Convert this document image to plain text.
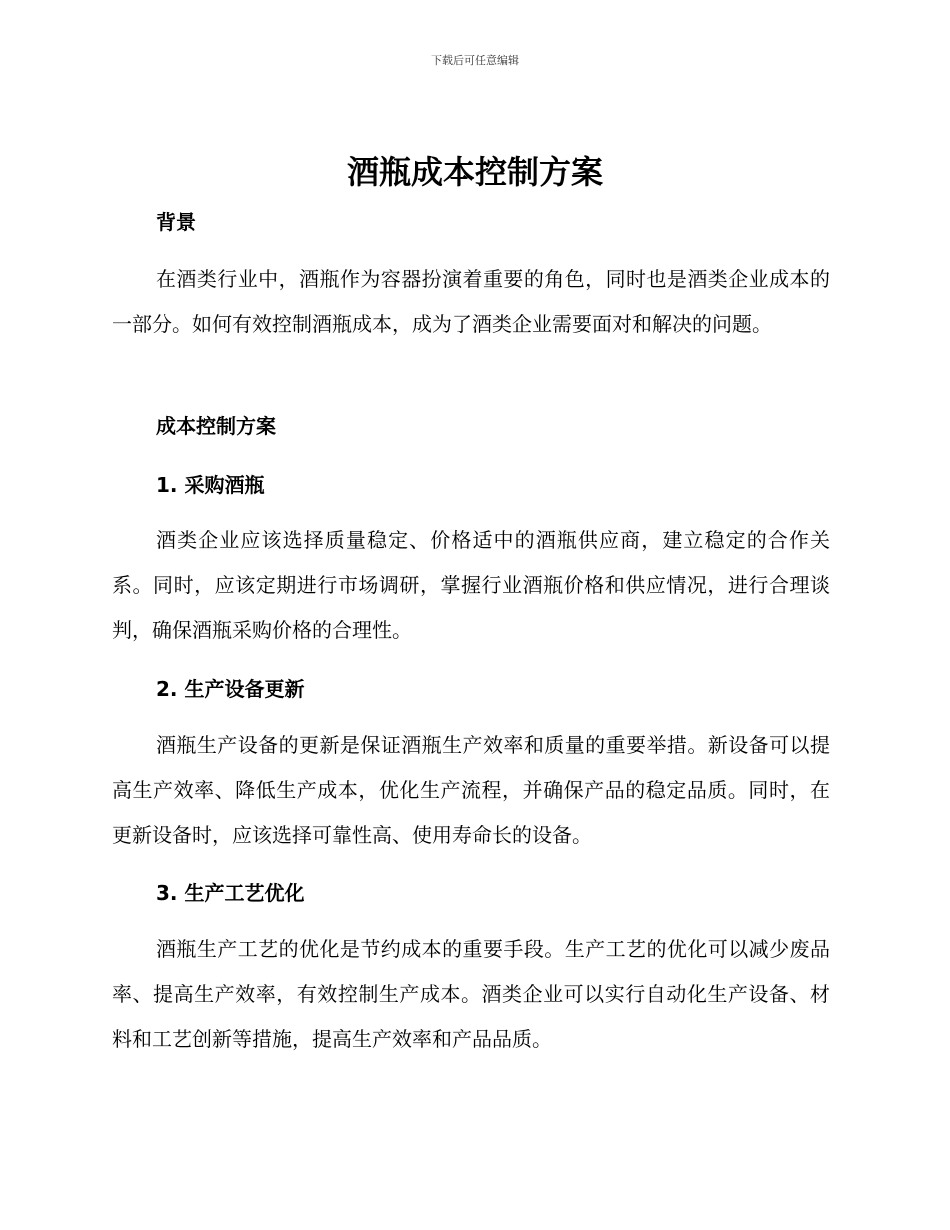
下载后可任意编辑
酒瓶成本控制方案
背景

在酒类行业中，酒瓶作为容器扮演着重要的角色，同时也是酒类企业成本的一部分。如何有效控制酒瓶成本，成为了酒类企业需要面对和解决的问题。

成本控制方案
1. 采购酒瓶

酒类企业应该选择质量稳定、价格适中的酒瓶供应商，建立稳定的合作关系。同时，应该定期进行市场调研，掌握行业酒瓶价格和供应情况，进行合理谈判，确保酒瓶采购价格的合理性。

2. 生产设备更新

酒瓶生产设备的更新是保证酒瓶生产效率和质量的重要举措。新设备可以提高生产效率、降低生产成本，优化生产流程，并确保产品的稳定品质。同时，在更新设备时，应该选择可靠性高、使用寿命长的设备。

3. 生产工艺优化

酒瓶生产工艺的优化是节约成本的重要手段。生产工艺的优化可以减少废品率、提高生产效率，有效控制生产成本。酒类企业可以实行自动化生产设备、材料和工艺创新等措施，提高生产效率和产品品质。
